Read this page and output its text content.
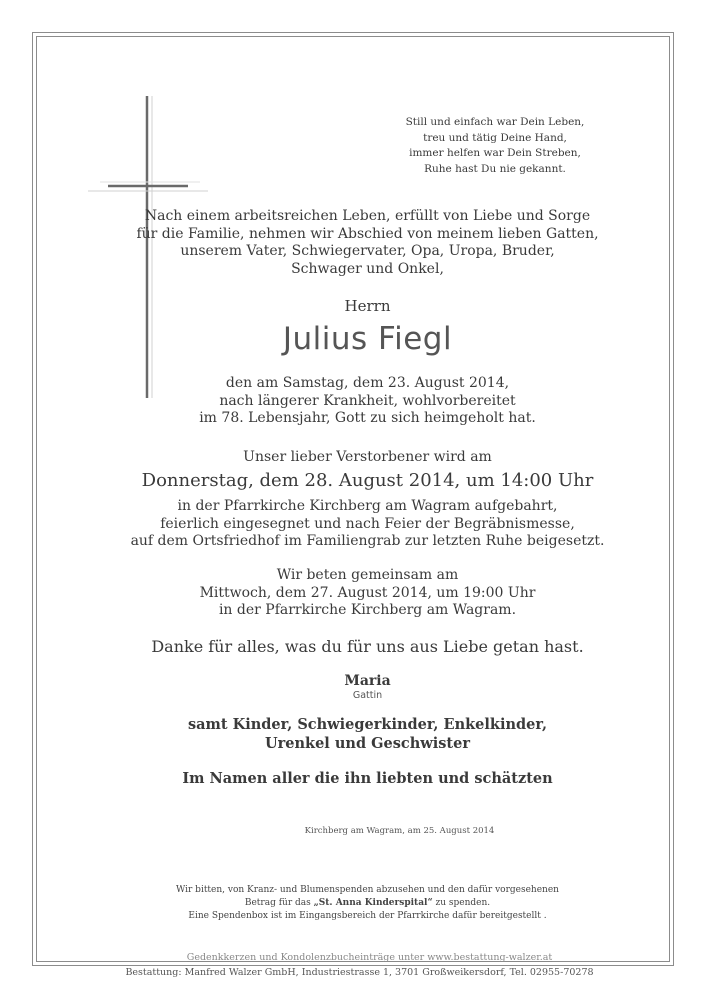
Still und einfach war Dein Leben,
treu und tätig Deine Hand,
immer helfen war Dein Streben,
Ruhe hast Du nie gekannt.
Nach einem arbeitsreichen Leben, erfüllt von Liebe und Sorge
für die Familie, nehmen wir Abschied von meinem lieben Gatten,
unserem Vater, Schwiegervater, Opa, Uropa, Bruder,
Schwager und Onkel,
Herrn
Julius Fiegl
den am Samstag, dem 23. August 2014,
nach längerer Krankheit, wohlvorbereitet
im 78. Lebensjahr, Gott zu sich heimgeholt hat.
Unser lieber Verstorbener wird am
Donnerstag, dem 28. August 2014, um 14:00 Uhr
in der Pfarrkirche Kirchberg am Wagram aufgebahrt,
feierlich eingesegnet und nach Feier der Begräbnismesse,
auf dem Ortsfriedhof im Familiengrab zur letzten Ruhe beigesetzt.
Wir beten gemeinsam am
Mittwoch, dem 27. August 2014, um 19:00 Uhr
in der Pfarrkirche Kirchberg am Wagram.
Danke für alles, was du für uns aus Liebe getan hast.
Maria
Gattin
samt Kinder, Schwiegerkinder, Enkelkinder,
Urenkel und Geschwister
Im Namen aller die ihn liebten und schätzten
Kirchberg am Wagram, am 25. August 2014
Wir bitten, von Kranz- und Blumenspenden abzusehen und den dafür vorgesehenen
Betrag für das „St. Anna Kinderspital“ zu spenden.
Eine Spendenbox ist im Eingangsbereich der Pfarrkirche dafür bereitgestellt .
Gedenkkerzen und Kondolenzbucheinträge unter www.bestattung-walzer.at
Bestattung: Manfred Walzer GmbH, Industriestrasse 1, 3701 Großweikersdorf, Tel. 02955-70278
